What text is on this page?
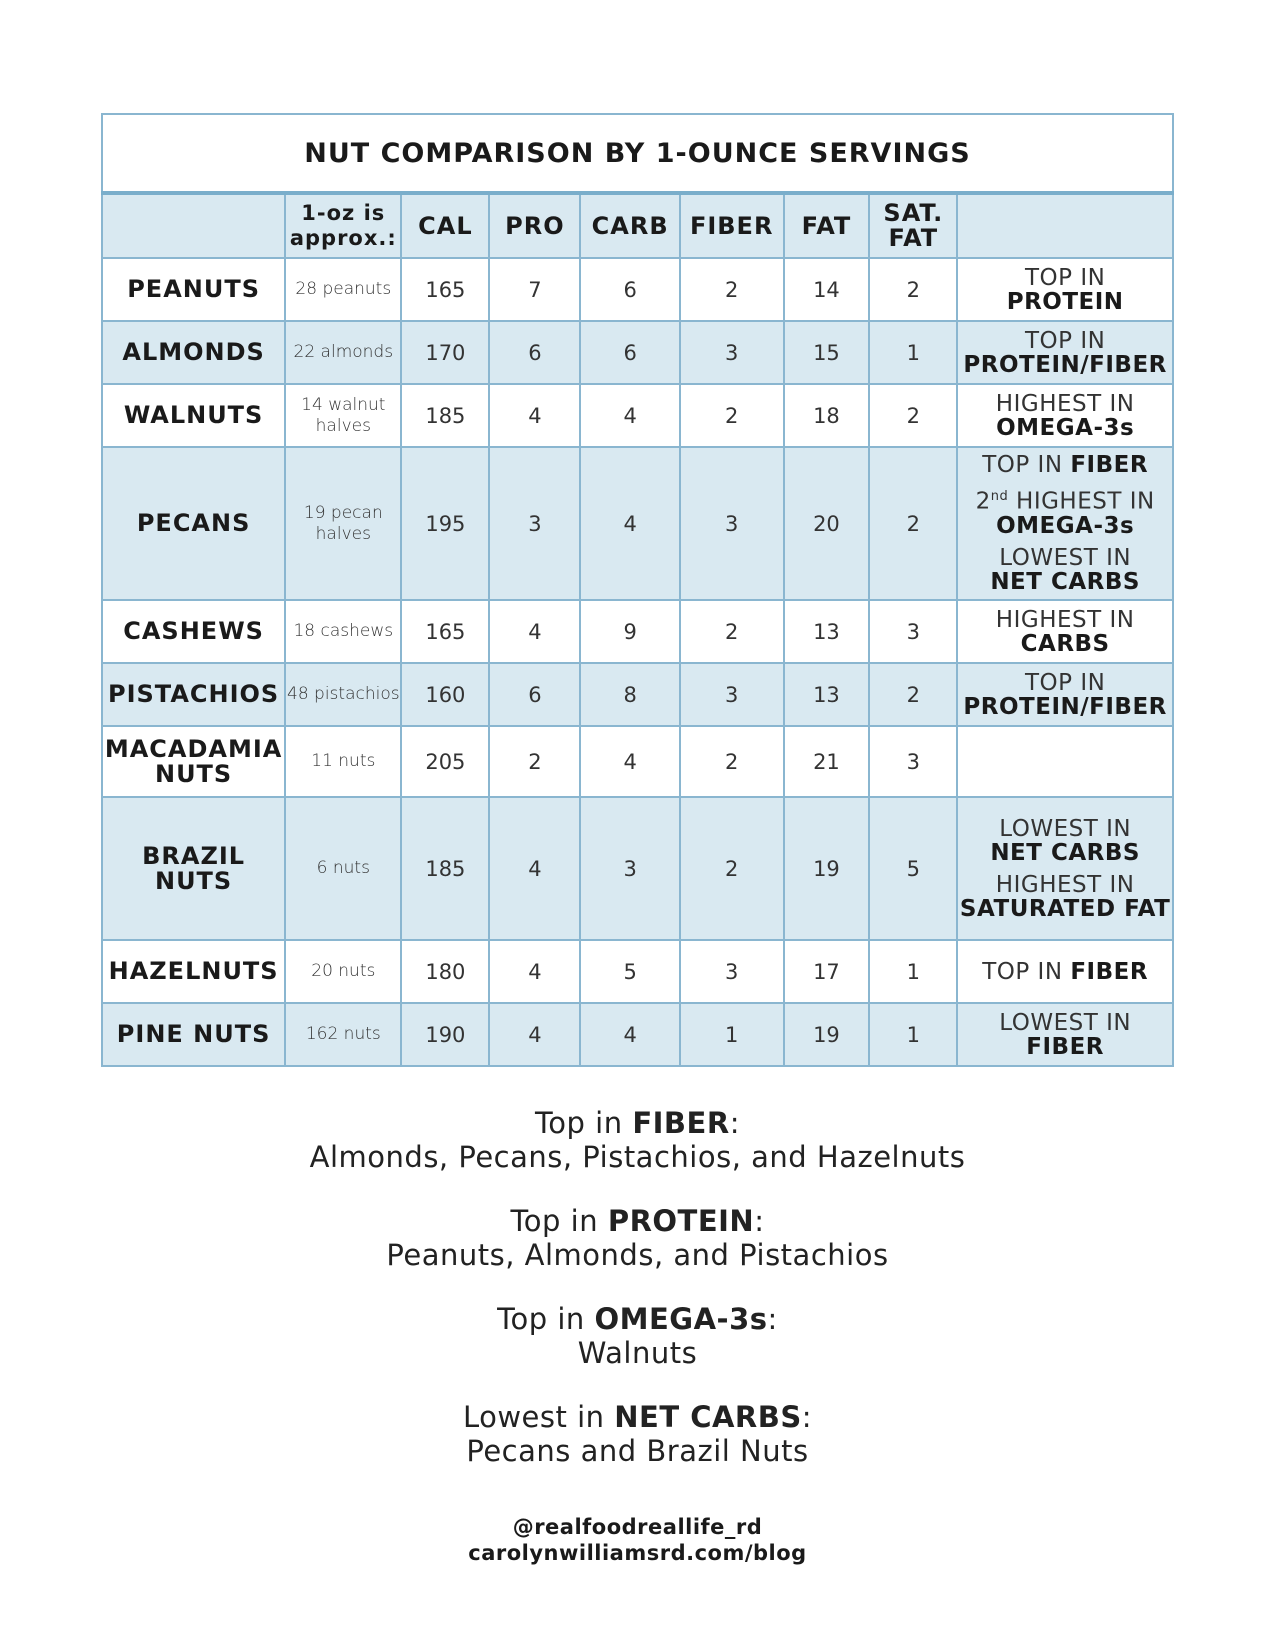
NUT COMPARISON BY 1-OUNCE SERVINGS								
	1-oz is approx.:	CAL	PRO	CARB	FIBER	FAT	SAT. FAT	
PEANUTS	28 peanuts	165	7	6	2	14	2	TOP IN
PROTEIN

ALMONDS	22 almonds	170	6	6	3	15	1	TOP IN
PROTEIN/FIBER

WALNUTS	14 walnut halves	185	4	4	2	18	2	HIGHEST IN
OMEGA-3s

PECANS	19 pecan halves	195	3	4	3	20	2	TOP IN FIBER
2nd HIGHEST IN
OMEGA-3s
LOWEST IN
NET CARBS

CASHEWS	18 cashews	165	4	9	2	13	3	HIGHEST IN
CARBS

PISTACHIOS	48 pistachios	160	6	8	3	13	2	TOP IN
PROTEIN/FIBER

MACADAMIA NUTS	11 nuts	205	2	4	2	21	3	
BRAZIL NUTS	6 nuts	185	4	3	2	19	5	LOWEST IN
NET CARBS
HIGHEST IN
SATURATED FAT

HAZELNUTS	20 nuts	180	4	5	3	17	1	TOP IN FIBER
PINE NUTS	162 nuts	190	4	4	1	19	1	LOWEST IN
FIBER
Top in FIBER:
Almonds, Pecans, Pistachios, and Hazelnuts
Top in PROTEIN:
Peanuts, Almonds, and Pistachios
Top in OMEGA-3s:
Walnuts
Lowest in NET CARBS:
Pecans and Brazil Nuts
@realfoodreallife_rd
carolynwilliamsrd.com/blog
